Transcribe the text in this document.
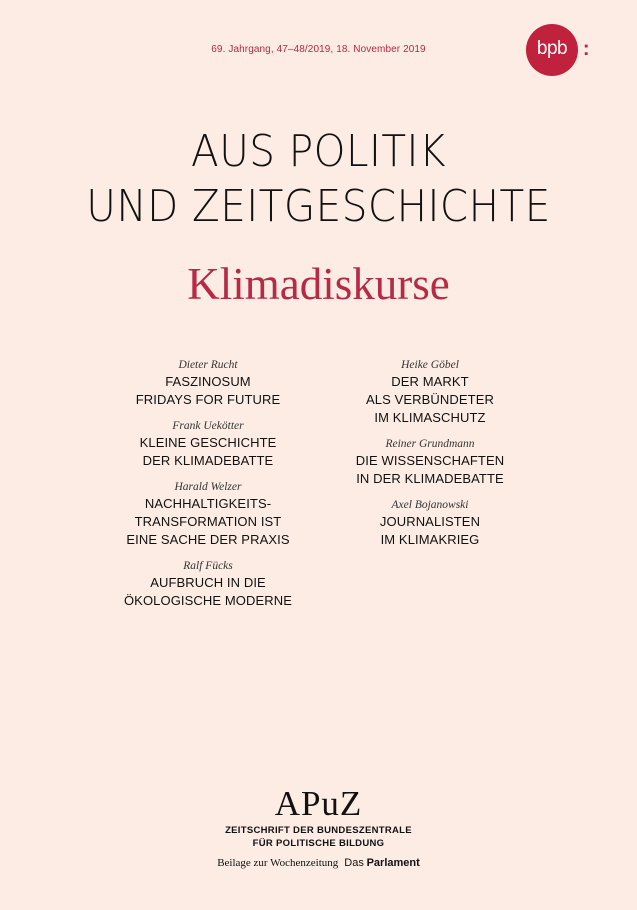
69. Jahrgang, 47–48/2019, 18. November 2019	bpb :
AUS POLITIK
UND ZEITGESCHICHTE
Klimadiskurse
Dieter Rucht
FASZINOSUM
FRIDAYS FOR FUTURE
Frank Uekötter
KLEINE GESCHICHTE
DER KLIMADEBATTE
Harald Welzer
NACHHALTIGKEITS-
TRANSFORMATION IST
EINE SACHE DER PRAXIS
Ralf Fücks
AUFBRUCH IN DIE
ÖKOLOGISCHE MODERNE
Heike Göbel
DER MARKT
ALS VERBÜNDETER
IM KLIMASCHUTZ
Reiner Grundmann
DIE WISSENSCHAFTEN
IN DER KLIMADEBATTE
Axel Bojanowski
JOURNALISTEN
IM KLIMAKRIEG
APuZ
ZEITSCHRIFT DER BUNDESZENTRALE
FÜR POLITISCHE BILDUNG
Beilage zur Wochenzeitung Das Parlament
